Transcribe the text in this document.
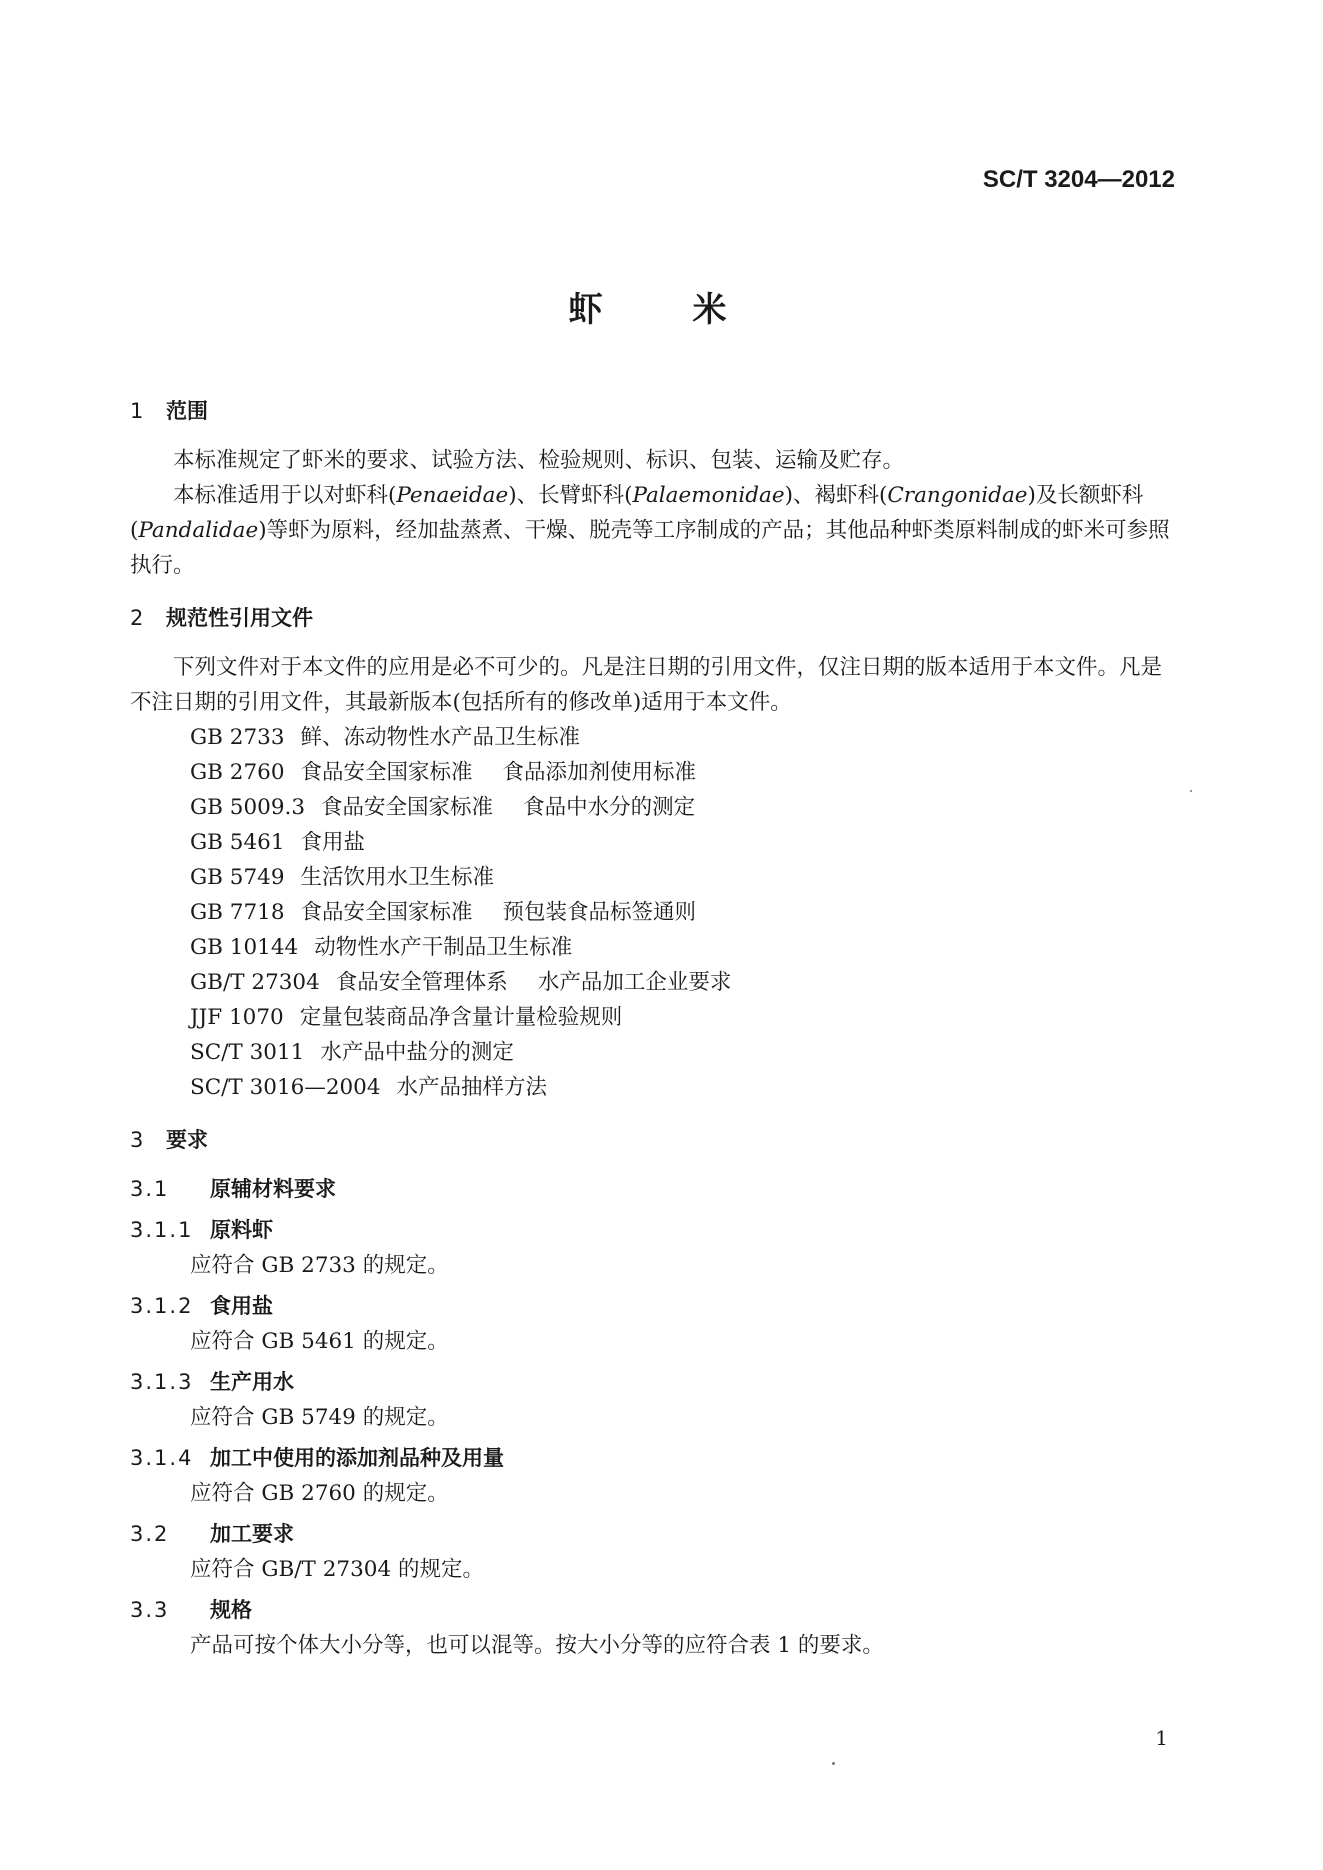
SC/T 3204—2012
虾　米
1 范围

本标准规定了虾米的要求、试验方法、检验规则、标识、包装、运输及贮存。

本标准适用于以对虾科(Penaeidae)、长臂虾科(Palaemonidae)、褐虾科(Crangonidae)及长额虾科(Pandalidae)等虾为原料，经加盐蒸煮、干燥、脱壳等工序制成的产品；其他品种虾类原料制成的虾米可参照执行。

2 规范性引用文件

下列文件对于本文件的应用是必不可少的。凡是注日期的引用文件，仅注日期的版本适用于本文件。凡是不注日期的引用文件，其最新版本(包括所有的修改单)适用于本文件。

GB 2733 鲜、冻动物性水产品卫生标准

GB 2760 食品安全国家标准 食品添加剂使用标准

GB 5009.3 食品安全国家标准 食品中水分的测定

GB 5461 食用盐

GB 5749 生活饮用水卫生标准

GB 7718 食品安全国家标准 预包装食品标签通则

GB 10144 动物性水产干制品卫生标准

GB/T 27304 食品安全管理体系 水产品加工企业要求

JJF 1070 定量包装商品净含量计量检验规则

SC/T 3011 水产品中盐分的测定

SC/T 3016—2004 水产品抽样方法

3 要求
3.1 原辅材料要求
3.1.1 原料虾

应符合 GB 2733 的规定。

3.1.2 食用盐

应符合 GB 5461 的规定。

3.1.3 生产用水

应符合 GB 5749 的规定。

3.1.4 加工中使用的添加剂品种及用量

应符合 GB 2760 的规定。

3.2 加工要求

应符合 GB/T 27304 的规定。

3.3 规格

产品可按个体大小分等，也可以混等。按大小分等的应符合表 1 的要求。

1
